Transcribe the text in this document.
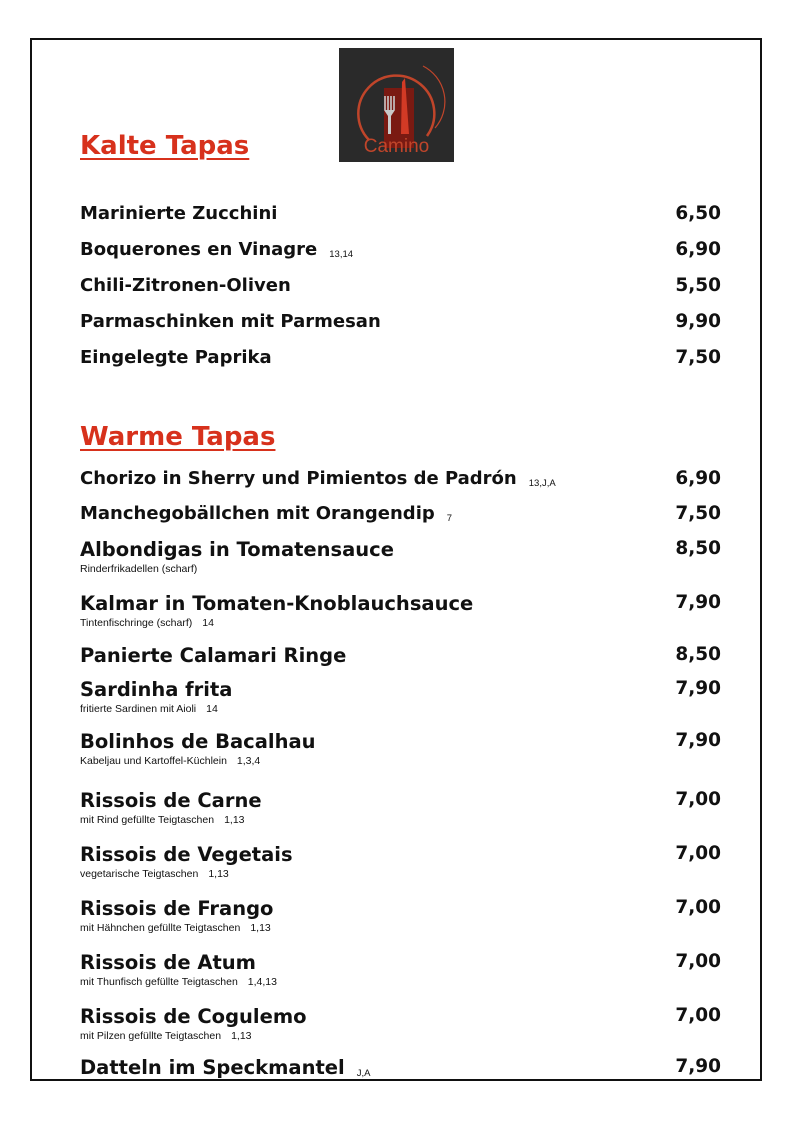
Camino
Kalte Tapas
Marinierte Zucchini	6,50
Boquerones en Vinagre 13,14	6,90
Chili-Zitronen-Oliven	5,50
Parmaschinken mit Parmesan	9,90
Eingelegte Paprika	7,50
Warme Tapas
Chorizo in Sherry und Pimientos de Padrón 13,J,A	6,90
Manchegobällchen mit Orangendip 7	7,50
Albondigas in Tomatensauce
Rinderfrikadellen (scharf)
8,50
Kalmar in Tomaten-Knoblauchsauce
Tintenfischringe (scharf) 14
7,90
Panierte Calamari Ringe	8,50
Sardinha frita
fritierte Sardinen mit Aioli 14
7,90
Bolinhos de Bacalhau
Kabeljau und Kartoffel-Küchlein 1,3,4
7,90
Rissois de Carne
mit Rind gefüllte Teigtaschen 1,13
7,00
Rissois de Vegetais
vegetarische Teigtaschen 1,13
7,00
Rissois de Frango
mit Hähnchen gefüllte Teigtaschen 1,13
7,00
Rissois de Atum
mit Thunfisch gefüllte Teigtaschen 1,4,13
7,00
Rissois de Cogulemo
mit Pilzen gefüllte Teigtaschen 1,13
7,00
Datteln im Speckmantel J,A	7,90
